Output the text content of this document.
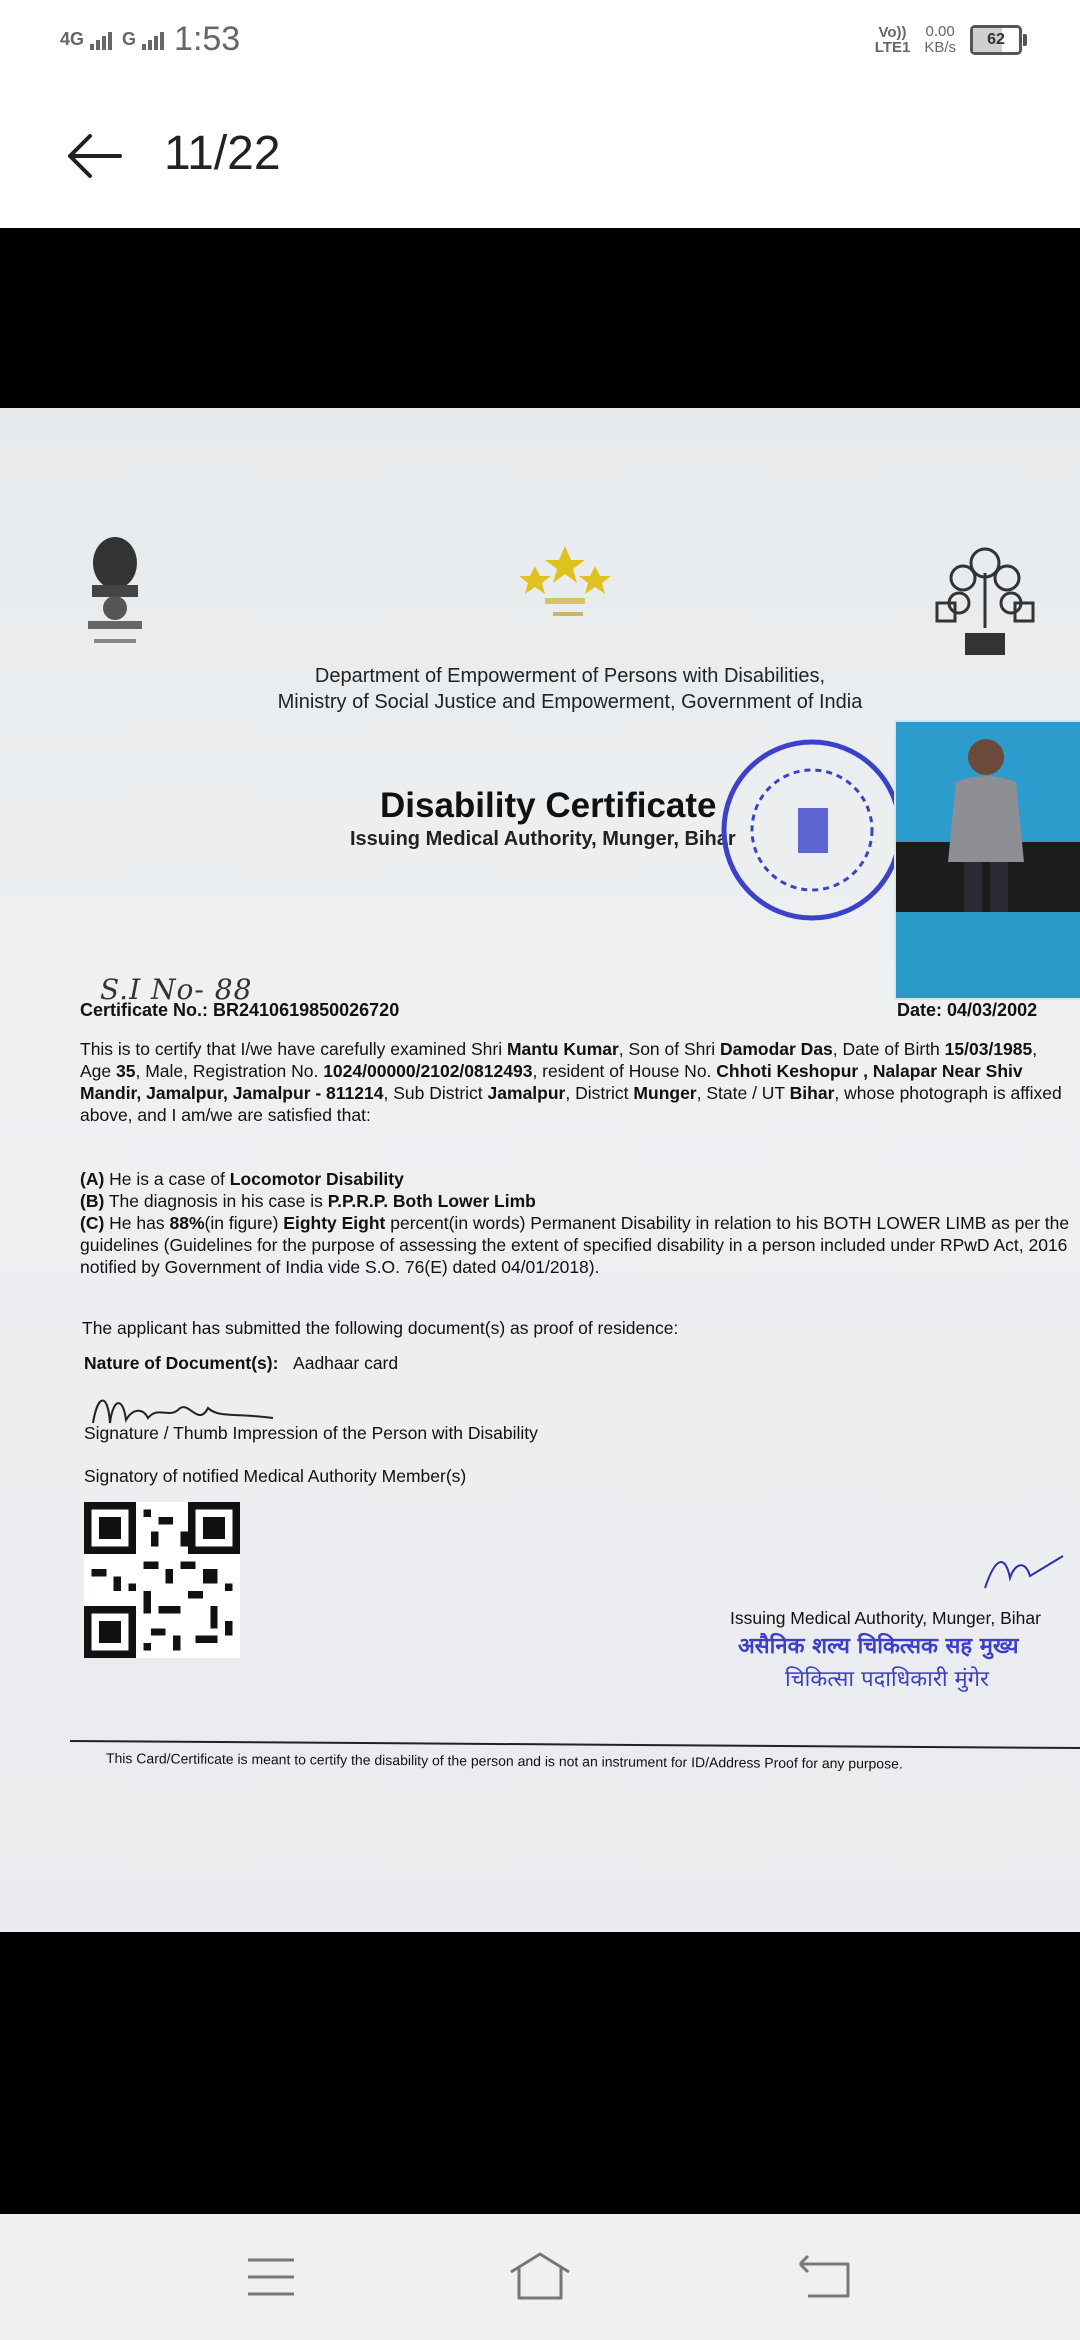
4G G 1:53	Vo))
LTE1
0.00
KB/s 62
11/22
Department of Empowerment of Persons with Disabilities,
Ministry of Social Justice and Empowerment, Government of India
Disability Certificate
Issuing Medical Authority, Munger, Bihar
S.I No- 88
Certificate No.: BR2410619850026720	Date: 04/03/2002
This is to certify that I/we have carefully examined Shri Mantu Kumar, Son of Shri Damodar Das, Date of Birth 15/03/1985, Age 35, Male, Registration No. 1024/00000/2102/0812493, resident of House No. Chhoti Keshopur , Nalapar Near Shiv Mandir, Jamalpur, Jamalpur - 811214, Sub District Jamalpur, District Munger, State / UT Bihar, whose photograph is affixed above, and I am/we are satisfied that:
(A) He is a case of Locomotor Disability
(B) The diagnosis in his case is P.P.R.P. Both Lower Limb
(C) He has 88%(in figure) Eighty Eight percent(in words) Permanent Disability in relation to his BOTH LOWER LIMB as per the guidelines (Guidelines for the purpose of assessing the extent of specified disability in a person included under RPwD Act, 2016 notified by Government of India vide S.O. 76(E) dated 04/01/2018).
The applicant has submitted the following document(s) as proof of residence:
Nature of Document(s): Aadhaar card
Signature / Thumb Impression of the Person with Disability
Signatory of notified Medical Authority Member(s)
Issuing Medical Authority, Munger, Bihar
असैनिक शल्य चिकित्सक सह मुख्य
चिकित्सा पदाधिकारी मुंगेर
This Card/Certificate is meant to certify the disability of the person and is not an instrument for ID/Address Proof for any purpose.
